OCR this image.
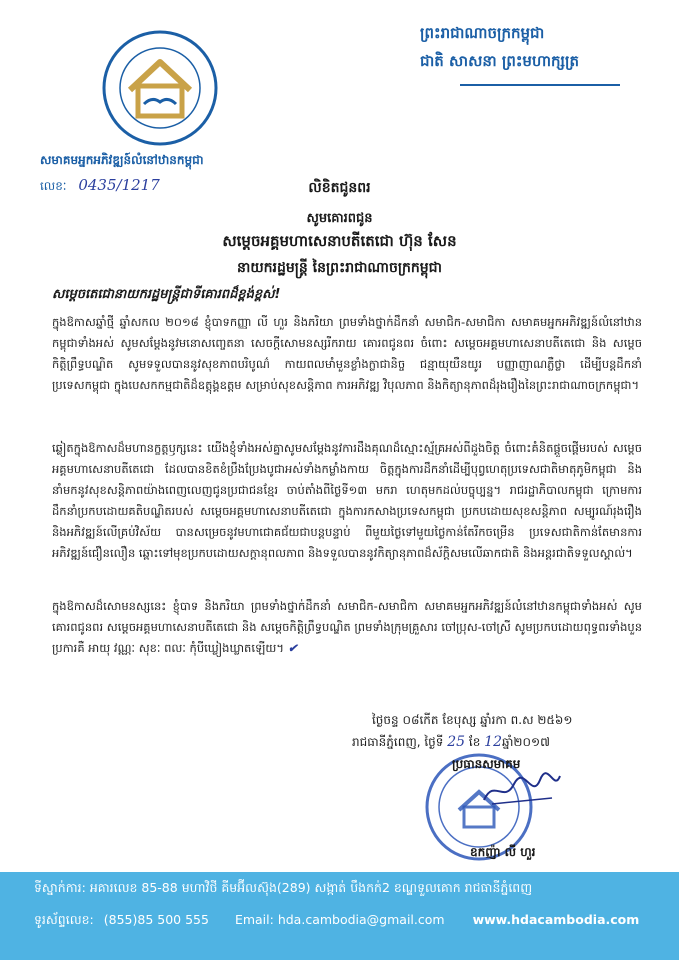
សមាគមអ្នកអភិវឌ្ឍន៍លំនៅឋានកម្ពុជា
លេខៈ 0435/1217
ព្រះរាជាណាចក្រកម្ពុជា
ជាតិ សាសនា ព្រះមហាក្សត្រ
លិខិតជូនពរ
សូមគោរពជូន
សម្តេចអគ្គមហាសេនាបតីតេជោ ហ៊ុន សែន
នាយករដ្ឋមន្ត្រី នៃព្រះរាជាណាចក្រកម្ពុជា
សម្តេចតេជោនាយករដ្ឋមន្ត្រីជាទីគោរពដ៏ខ្ពង់ខ្ពស់!
ក្នុងឱកាសឆ្នាំថ្មី ឆ្នាំសកល ២០១៨ ខ្ញុំបាទកញ្ញា លី ហួរ និងភរិយា ព្រមទាំងថ្នាក់ដឹកនាំ សមាជិក-សមាជិកា សមាគមអ្នកអភិវឌ្ឍន៍លំនៅឋានកម្ពុជាទាំងអស់ សូមសម្តែងនូវមនោសញ្ចេតនា សេចក្តីសោមនស្សរីករាយ គោរពជូនពរ ចំពោះ សម្តេចអគ្គមហាសេនាបតីតេជោ និង សម្តេចកិត្តិព្រឹទ្ធបណ្ឌិត សូមទទួលបាននូវសុខភាពបរិបូណ៌ កាយពលមាំមួនខ្លាំងក្លាជានិច្ច ជន្មាយុយឺនយូរ បញ្ញាញាណភ្លឺថ្លា ដើម្បីបន្តដឹកនាំប្រទេសកម្ពុជា ក្នុងបេសកកម្មជាតិដ៏ឧត្តុង្គឧត្តម សម្រាប់សុខសន្តិភាព ការអភិវឌ្ឍ វិបុលភាព និងកិត្យានុភាពដ៏រុងរឿងនៃព្រះរាជាណាចក្រកម្ពុជា។
ឆ្លៀតក្នុងឱកាសដ៏មហានក្ខត្តឫក្សនេះ យើងខ្ញុំទាំងអស់គ្នាសូមសម្តែងនូវការដឹងគុណដ៏ស្មោះស្ម័គ្រអស់ពីដួងចិត្ត ចំពោះគំនិតផ្តួចផ្តើមរបស់ សម្តេចអគ្គមហាសេនាបតីតេជោ ដែលបានខិតខំប្រឹងប្រែងបូជាអស់ទាំងកម្លាំងកាយ ចិត្តក្នុងការដឹកនាំដើម្បីបុព្វហេតុប្រទេសជាតិមាតុភូមិកម្ពុជា និងនាំមកនូវសុខសន្តិភាពយ៉ាងពេញលេញជូនប្រជាជនខ្មែរ ចាប់តាំងពីថ្ងៃទី១៣ មករា ហេតុមកដល់បច្ចុប្បន្ន។ រាជរដ្ឋាភិបាលកម្ពុជា ក្រោមការដឹកនាំប្រកបដោយគតិបណ្ឌិតរបស់ សម្តេចអគ្គមហាសេនាបតីតេជោ ក្នុងការកសាងប្រទេសកម្ពុជា ប្រកបដោយសុខសន្តិភាព សម្បូរណ៍រុងរឿង និងអភិវឌ្ឍន៍លើគ្រប់វិស័យ បានសម្រេចនូវមហាជោគជ័យជាបន្តបន្ទាប់ ពីមួយថ្ងៃទៅមួយថ្ងៃកាន់តែរីកចម្រើន ប្រទេសជាតិកាន់តែមានការអភិវឌ្ឍន៍ជឿនលឿន ឆ្ពោះទៅមុខប្រកបដោយសក្តានុពលភាព និងទទួលបាននូវកិត្យានុភាពដ៏ស័ក្តិសមលើឆាកជាតិ និងអន្តរជាតិទទួលស្គាល់។
ក្នុងឱកាសដ៏សោមនស្សនេះ ខ្ញុំបាទ និងភរិយា ព្រមទាំងថ្នាក់ដឹកនាំ សមាជិក-សមាជិកា សមាគមអ្នកអភិវឌ្ឍន៍លំនៅឋានកម្ពុជាទាំងអស់ សូមគោរពជូនពរ សម្តេចអគ្គមហាសេនាបតីតេជោ និង សម្តេចកិត្តិព្រឹទ្ធបណ្ឌិត ព្រមទាំងក្រុមគ្រួសារ ចៅប្រុស-ចៅស្រី សូមប្រកបដោយពុទ្ធពរទាំងបួនប្រការគឺ អាយុ វណ្ណៈ សុខៈ ពលៈ កុំបីឃ្លៀងឃ្លាតឡើយ។ ✔
ថ្ងៃចន្ទ ០៨កើត ខែបុស្ស ឆ្នាំរកា ព.ស ២៥៦១
រាជធានីភ្នំពេញ, ថ្ងៃទី 25 ខែ 12ឆ្នាំ២០១៧
ប្រធានសមាគម
ឧកញ៉ា លី ហួរ
ទីស្នាក់ការ: អគារលេខ 85-88 មហាវិថី គីមអ៊ីលស៊ុង(289) សង្កាត់ បឹងកក់2 ខណ្ឌទួលគោក រាជធានីភ្នំពេញ
ទូរស័ព្ទលេខ: (855)85 500 555 Email: hda.cambodia@gmail.com www.hdacambodia.com
